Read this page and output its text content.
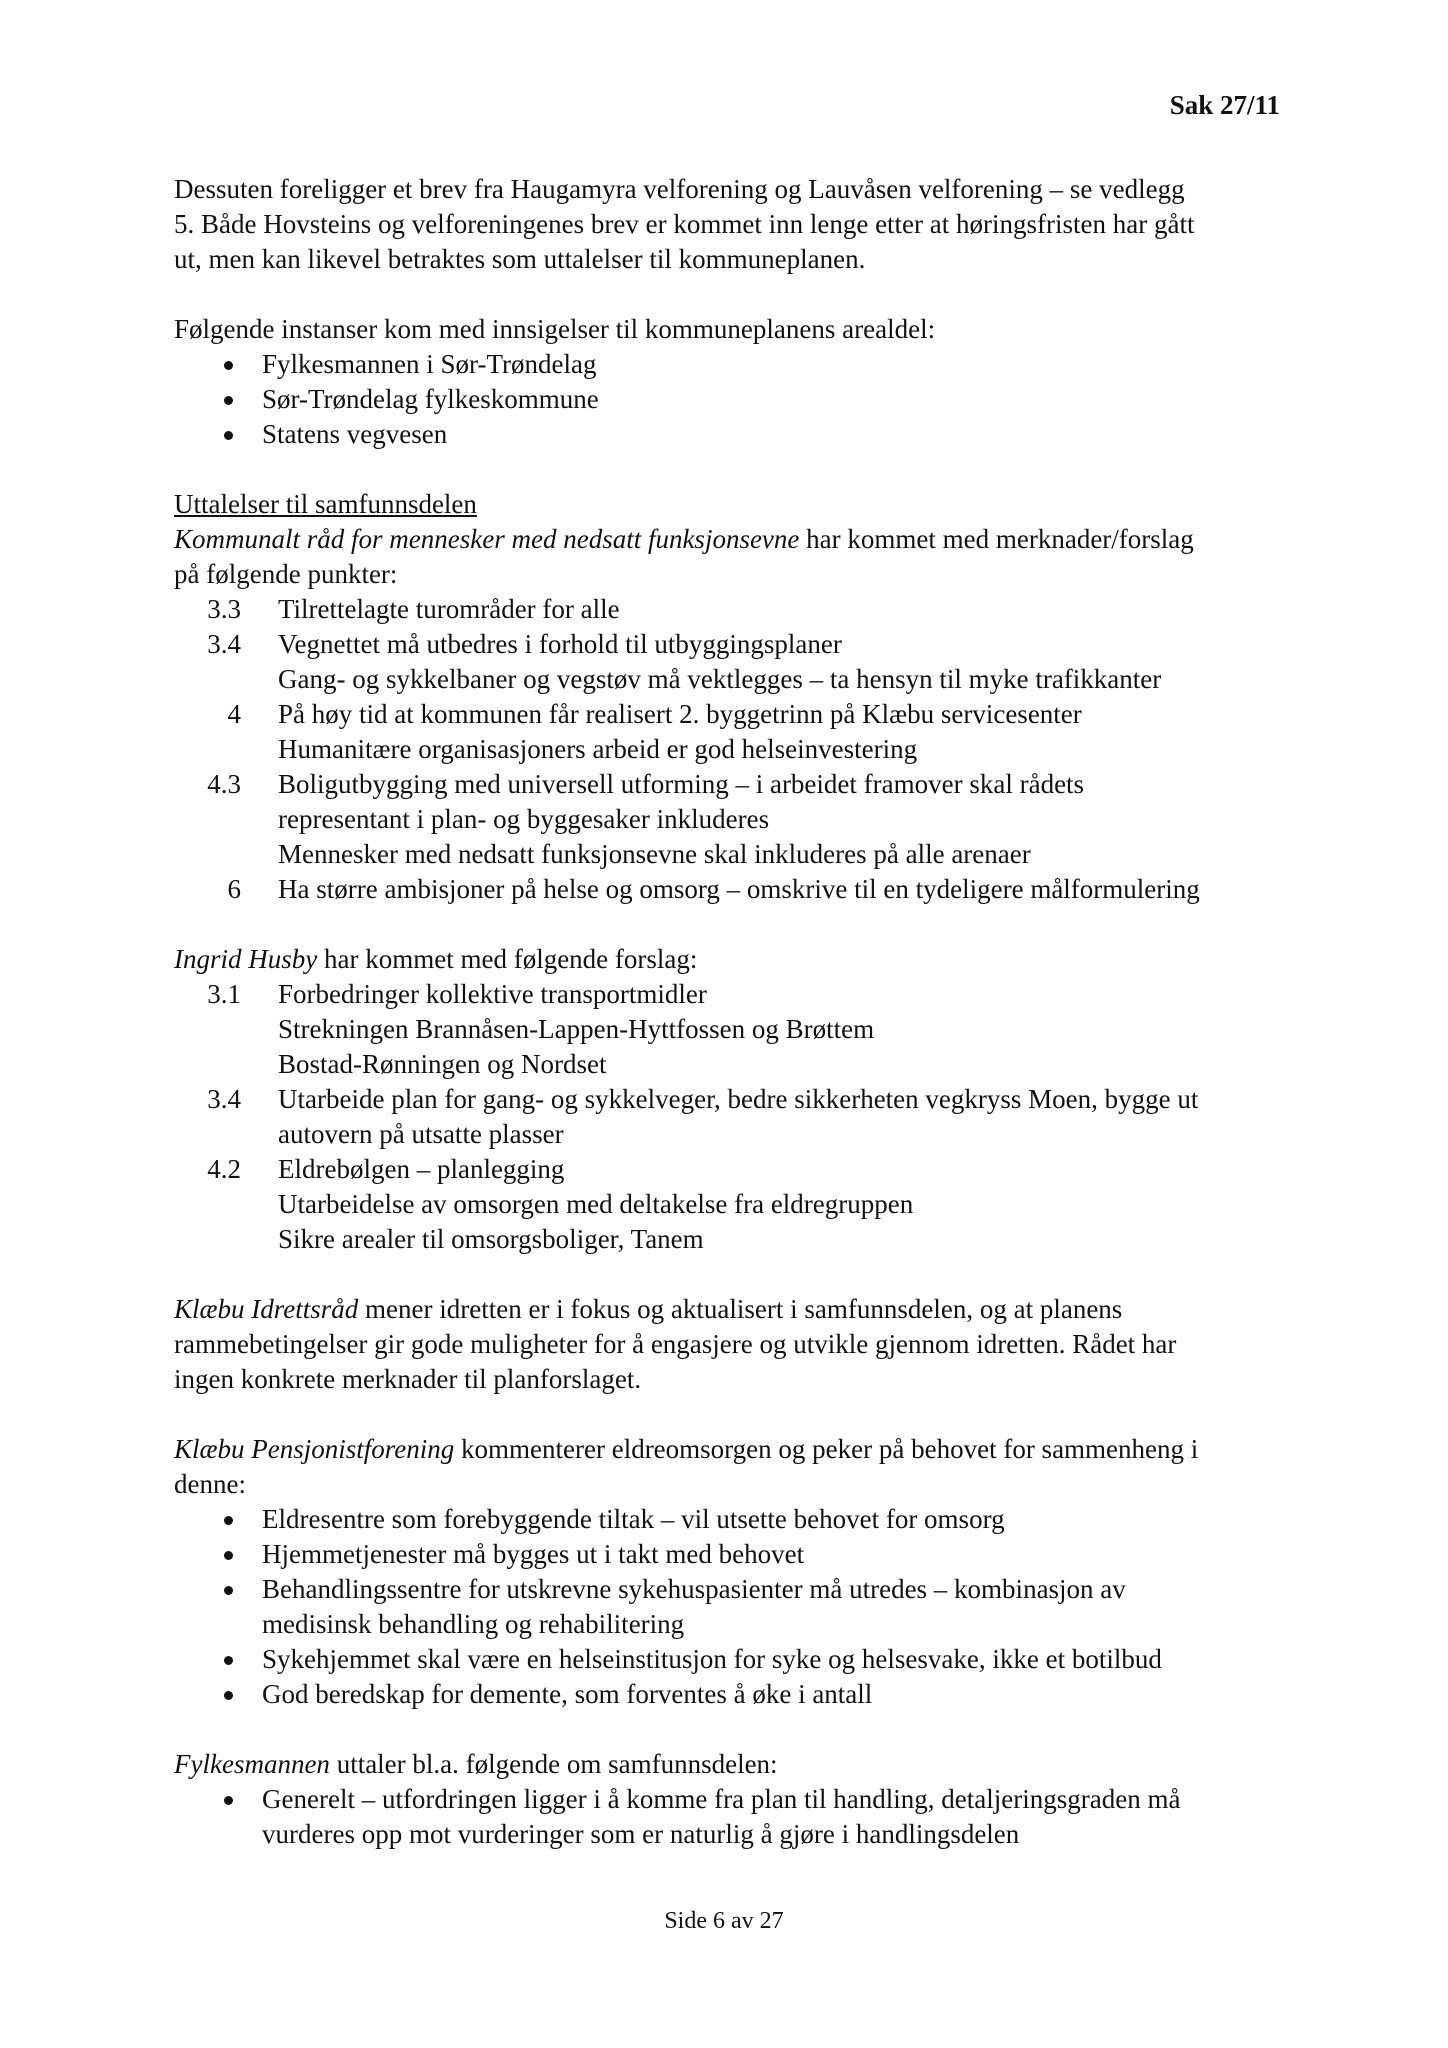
Sak 27/11

Dessuten foreligger et brev fra Haugamyra velforening og Lauvåsen velforening – se vedlegg

5. Både Hovsteins og velforeningenes brev er kommet inn lenge etter at høringsfristen har gått

ut, men kan likevel betraktes som uttalelser til kommuneplanen.

Følgende instanser kom med innsigelser til kommuneplanens arealdel:

Fylkesmannen i Sør-Trøndelag
Sør-Trøndelag fylkeskommune
Statens vegvesen

Uttalelser til samfunnsdelen

Kommunalt råd for mennesker med nedsatt funksjonsevne har kommet med merknader/forslag

på følgende punkter:

3.3 Tilrettelagte turområder for alle
3.4 Vegnettet må utbedres i forhold til utbyggingsplaner
Gang- og sykkelbaner og vegstøv må vektlegges – ta hensyn til myke trafikkanter
4 På høy tid at kommunen får realisert 2. byggetrinn på Klæbu servicesenter
Humanitære organisasjoners arbeid er god helseinvestering
4.3 Boligutbygging med universell utforming – i arbeidet framover skal rådets
representant i plan- og byggesaker inkluderes
Mennesker med nedsatt funksjonsevne skal inkluderes på alle arenaer
6 Ha større ambisjoner på helse og omsorg – omskrive til en tydeligere målformulering

Ingrid Husby har kommet med følgende forslag:

3.1 Forbedringer kollektive transportmidler
Strekningen Brannåsen-Lappen-Hyttfossen og Brøttem
Bostad-Rønningen og Nordset
3.4 Utarbeide plan for gang- og sykkelveger, bedre sikkerheten vegkryss Moen, bygge ut
autovern på utsatte plasser
4.2 Eldrebølgen – planlegging
Utarbeidelse av omsorgen med deltakelse fra eldregruppen
Sikre arealer til omsorgsboliger, Tanem

Klæbu Idrettsråd mener idretten er i fokus og aktualisert i samfunnsdelen, og at planens

rammebetingelser gir gode muligheter for å engasjere og utvikle gjennom idretten. Rådet har

ingen konkrete merknader til planforslaget.

Klæbu Pensjonistforening kommenterer eldreomsorgen og peker på behovet for sammenheng i

denne:

Eldresentre som forebyggende tiltak – vil utsette behovet for omsorg
Hjemmetjenester må bygges ut i takt med behovet
Behandlingssentre for utskrevne sykehuspasienter må utredes – kombinasjon av
medisinsk behandling og rehabilitering
Sykehjemmet skal være en helseinstitusjon for syke og helsesvake, ikke et botilbud
God beredskap for demente, som forventes å øke i antall

Fylkesmannen uttaler bl.a. følgende om samfunnsdelen:

Generelt – utfordringen ligger i å komme fra plan til handling, detaljeringsgraden må
vurderes opp mot vurderinger som er naturlig å gjøre i handlingsdelen
Side 6 av 27
